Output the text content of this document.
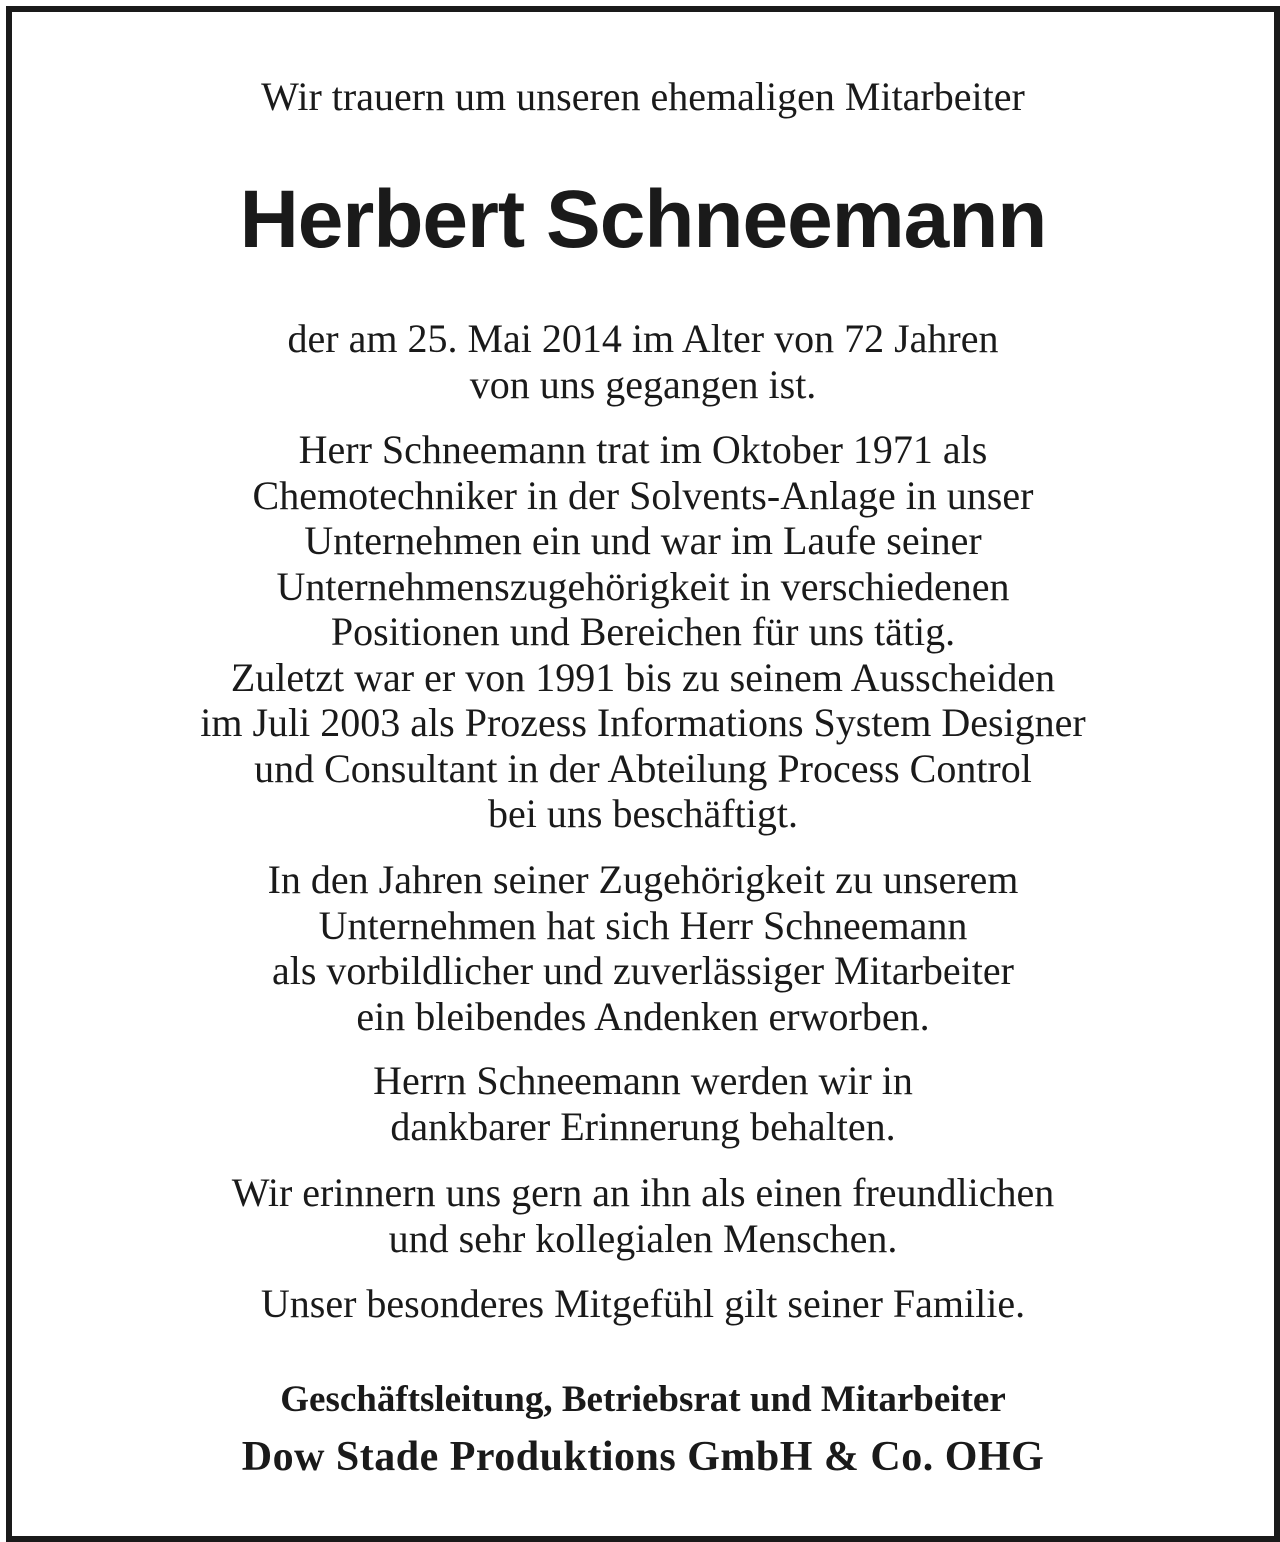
Wir trauern um unseren ehemaligen Mitarbeiter
Herbert Schneemann
der am 25. Mai 2014 im Alter von 72 Jahren
von uns gegangen ist.
Herr Schneemann trat im Oktober 1971 als
Chemotechniker in der Solvents-Anlage in unser
Unternehmen ein und war im Laufe seiner
Unternehmenszugehörigkeit in verschiedenen
Positionen und Bereichen für uns tätig.
Zuletzt war er von 1991 bis zu seinem Ausscheiden
im Juli 2003 als Prozess Informations System Designer
und Consultant in der Abteilung Process Control
bei uns beschäftigt.
In den Jahren seiner Zugehörigkeit zu unserem
Unternehmen hat sich Herr Schneemann
als vorbildlicher und zuverlässiger Mitarbeiter
ein bleibendes Andenken erworben.
Herrn Schneemann werden wir in
dankbarer Erinnerung behalten.
Wir erinnern uns gern an ihn als einen freundlichen
und sehr kollegialen Menschen.
Unser besonderes Mitgefühl gilt seiner Familie.
Geschäftsleitung, Betriebsrat und Mitarbeiter
Dow Stade Produktions GmbH & Co. OHG
